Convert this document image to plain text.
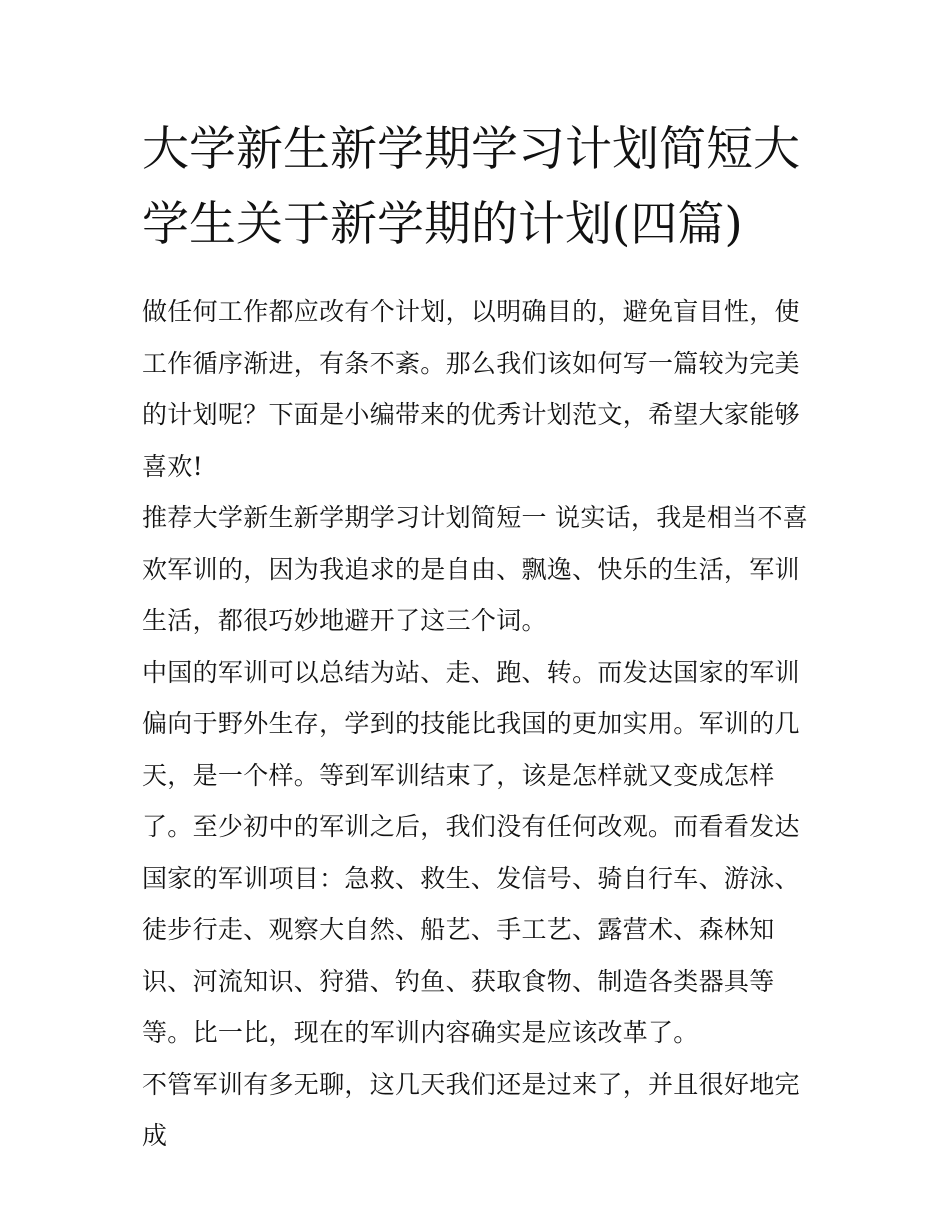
大学新生新学期学习计划简短大学生关于新学期的计划(四篇)

做任何工作都应改有个计划，以明确目的，避免盲目性，使工作循序渐进，有条不紊。那么我们该如何写一篇较为完美的计划呢？下面是小编带来的优秀计划范文，希望大家能够喜欢!

推荐大学新生新学期学习计划简短一 说实话，我是相当不喜欢军训的，因为我追求的是自由、飘逸、快乐的生活，军训生活，都很巧妙地避开了这三个词。

中国的军训可以总结为站、走、跑、转。而发达国家的军训偏向于野外生存，学到的技能比我国的更加实用。军训的几天，是一个样。等到军训结束了，该是怎样就又变成怎样了。至少初中的军训之后，我们没有任何改观。而看看发达国家的军训项目：急救、救生、发信号、骑自行车、游泳、徒步行走、观察大自然、船艺、手工艺、露营术、森林知识、河流知识、狩猎、钓鱼、获取食物、制造各类器具等等。比一比，现在的军训内容确实是应该改革了。

不管军训有多无聊，这几天我们还是过来了，并且很好地完成
